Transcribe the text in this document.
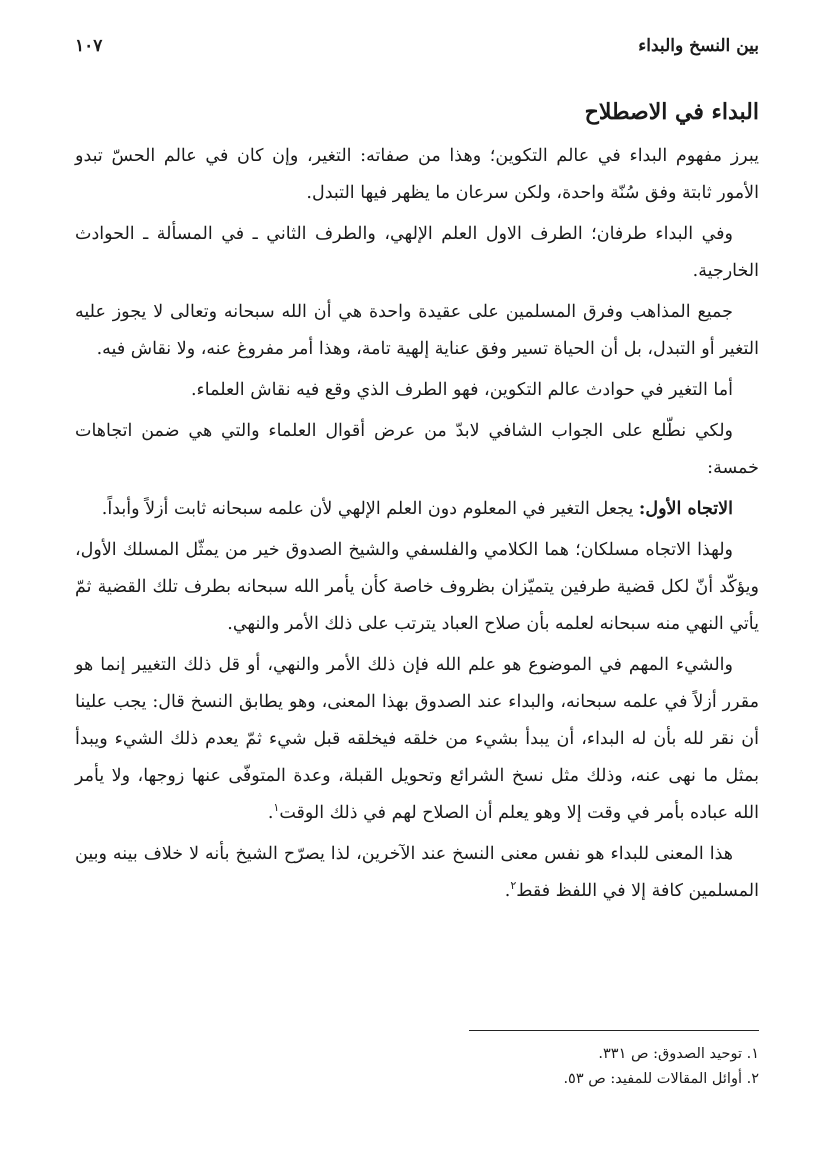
بين النسخ والبداء
١٠٧
البداء في الاصطلاح

يبرز مفهوم البداء في عالم التكوين؛ وهذا من صفاته: التغير، وإن كان في عالم الحسّ تبدو الأمور ثابتة وفق سُنّة واحدة، ولكن سرعان ما يظهر فيها التبدل.

وفي البداء طرفان؛ الطرف الاول العلم الإلهي، والطرف الثاني ـ في المسألة ـ الحوادث الخارجية.

جميع المذاهب وفرق المسلمين على عقيدة واحدة هي أن الله سبحانه وتعالى لا يجوز عليه التغير أو التبدل، بل أن الحياة تسير وفق عناية إلهية تامة، وهذا أمر مفروغ عنه، ولا نقاش فيه.

أما التغير في حوادث عالم التكوين، فهو الطرف الذي وقع فيه نقاش العلماء.

ولكي نطّلع على الجواب الشافي لابدّ من عرض أقوال العلماء والتي هي ضمن اتجاهات خمسة:

الاتجاه الأول: يجعل التغير في المعلوم دون العلم الإلهي لأن علمه سبحانه ثابت أزلاً وأبداً.

ولهذا الاتجاه مسلكان؛ هما الكلامي والفلسفي والشيخ الصدوق خير من يمثّل المسلك الأول، ويؤكّد أنّ لكل قضية طرفين يتميّزان بظروف خاصة كأن يأمر الله سبحانه بطرف تلك القضية ثمّ يأتي النهي منه سبحانه لعلمه بأن صلاح العباد يترتب على ذلك الأمر والنهي.

والشيء المهم في الموضوع هو علم الله فإن ذلك الأمر والنهي، أو قل ذلك التغيير إنما هو مقرر أزلاً في علمه سبحانه، والبداء عند الصدوق بهذا المعنى، وهو يطابق النسخ قال: يجب علينا أن نقر لله بأن له البداء، أن يبدأ بشيء من خلقه فيخلقه قبل شيء ثمّ يعدم ذلك الشيء ويبدأ بمثل ما نهى عنه، وذلك مثل نسخ الشرائع وتحويل القبلة، وعدة المتوفّى عنها زوجها، ولا يأمر الله عباده بأمر في وقت إلا وهو يعلم أن الصلاح لهم في ذلك الوقت$^١$.

هذا المعنى للبداء هو نفس معنى النسخ عند الآخرين، لذا يصرّح الشيخ بأنه لا خلاف بينه وبين المسلمين كافة إلا في اللفظ فقط$^٢$.

١. توحيد الصدوق: ص ٣٣١.

٢. أوائل المقالات للمفيد: ص ٥٣.
